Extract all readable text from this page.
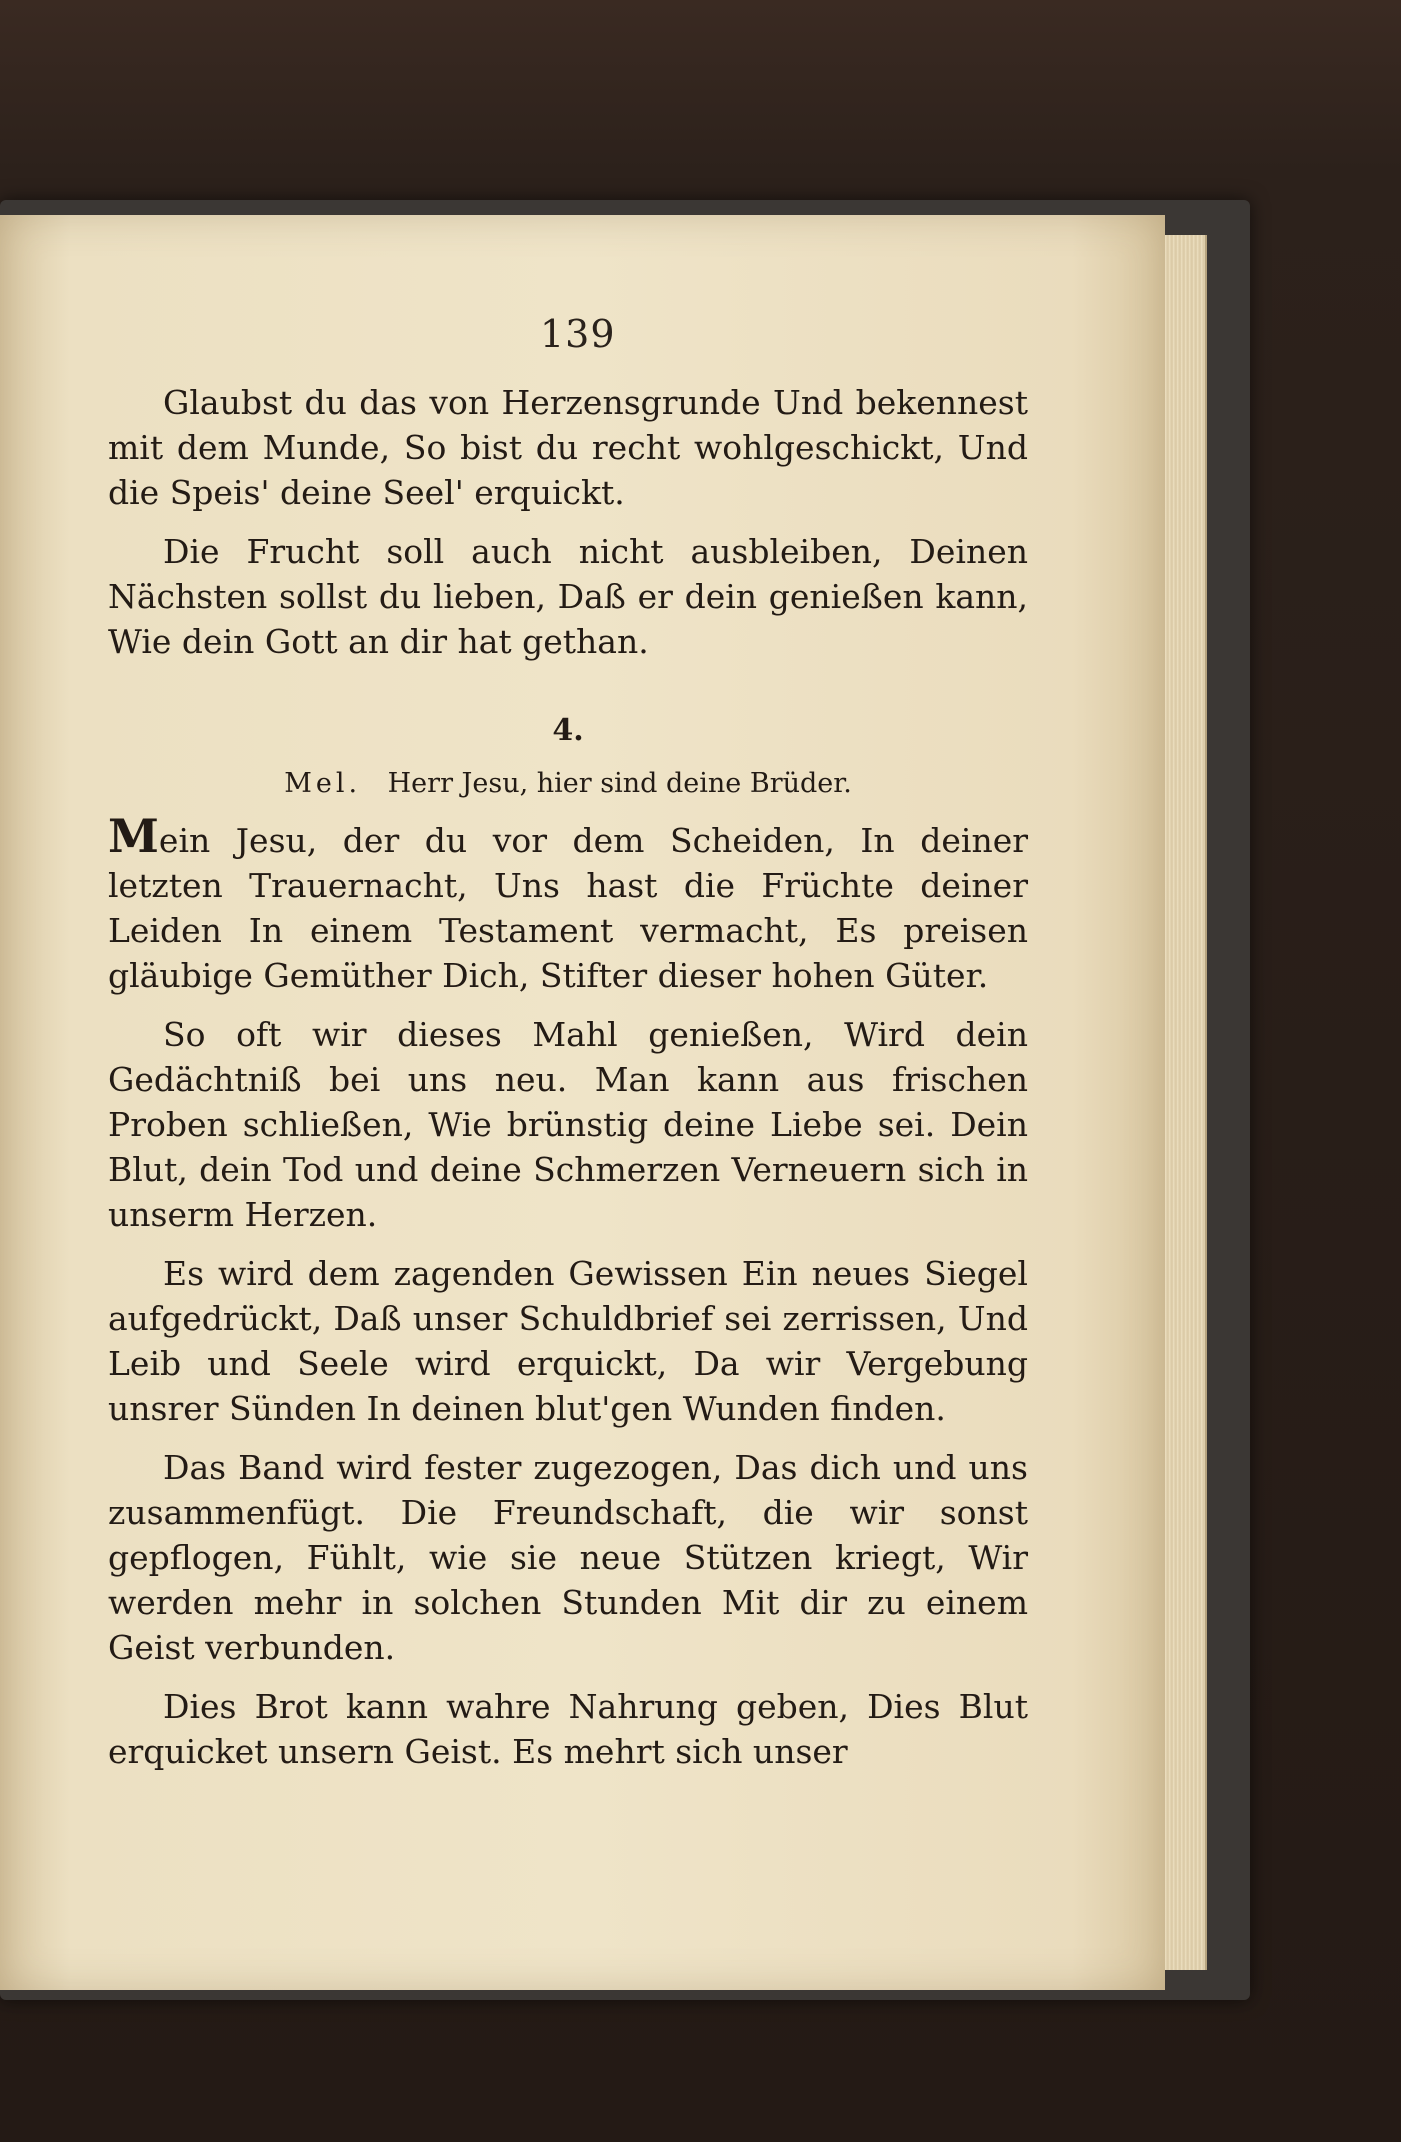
139

Glaubst du das von Herzensgrunde Und bekennest mit dem Munde, So bist du recht wohlgeschickt, Und die Speis' deine Seel' erquickt.

Die Frucht soll auch nicht ausbleiben, Deinen Nächsten sollst du lieben, Daß er dein genießen kann, Wie dein Gott an dir hat gethan.

4.
Mel. Herr Jesu, hier sind deine Brüder.

Mein Jesu, der du vor dem Scheiden, In deiner letzten Trauernacht, Uns hast die Früchte deiner Leiden In einem Testament vermacht, Es preisen gläubige Gemüther Dich, Stifter dieser hohen Güter.

So oft wir dieses Mahl genießen, Wird dein Gedächtniß bei uns neu. Man kann aus frischen Proben schließen, Wie brünstig deine Liebe sei. Dein Blut, dein Tod und deine Schmerzen Verneuern sich in unserm Herzen.

Es wird dem zagenden Gewissen Ein neues Siegel aufgedrückt, Daß unser Schuldbrief sei zerrissen, Und Leib und Seele wird erquickt, Da wir Vergebung unsrer Sünden In deinen blut'gen Wunden finden.

Das Band wird fester zugezogen, Das dich und uns zusammenfügt. Die Freundschaft, die wir sonst gepflogen, Fühlt, wie sie neue Stützen kriegt, Wir werden mehr in solchen Stunden Mit dir zu einem Geist verbunden.

Dies Brot kann wahre Nahrung geben, Dies Blut erquicket unsern Geist. Es mehrt sich unser
